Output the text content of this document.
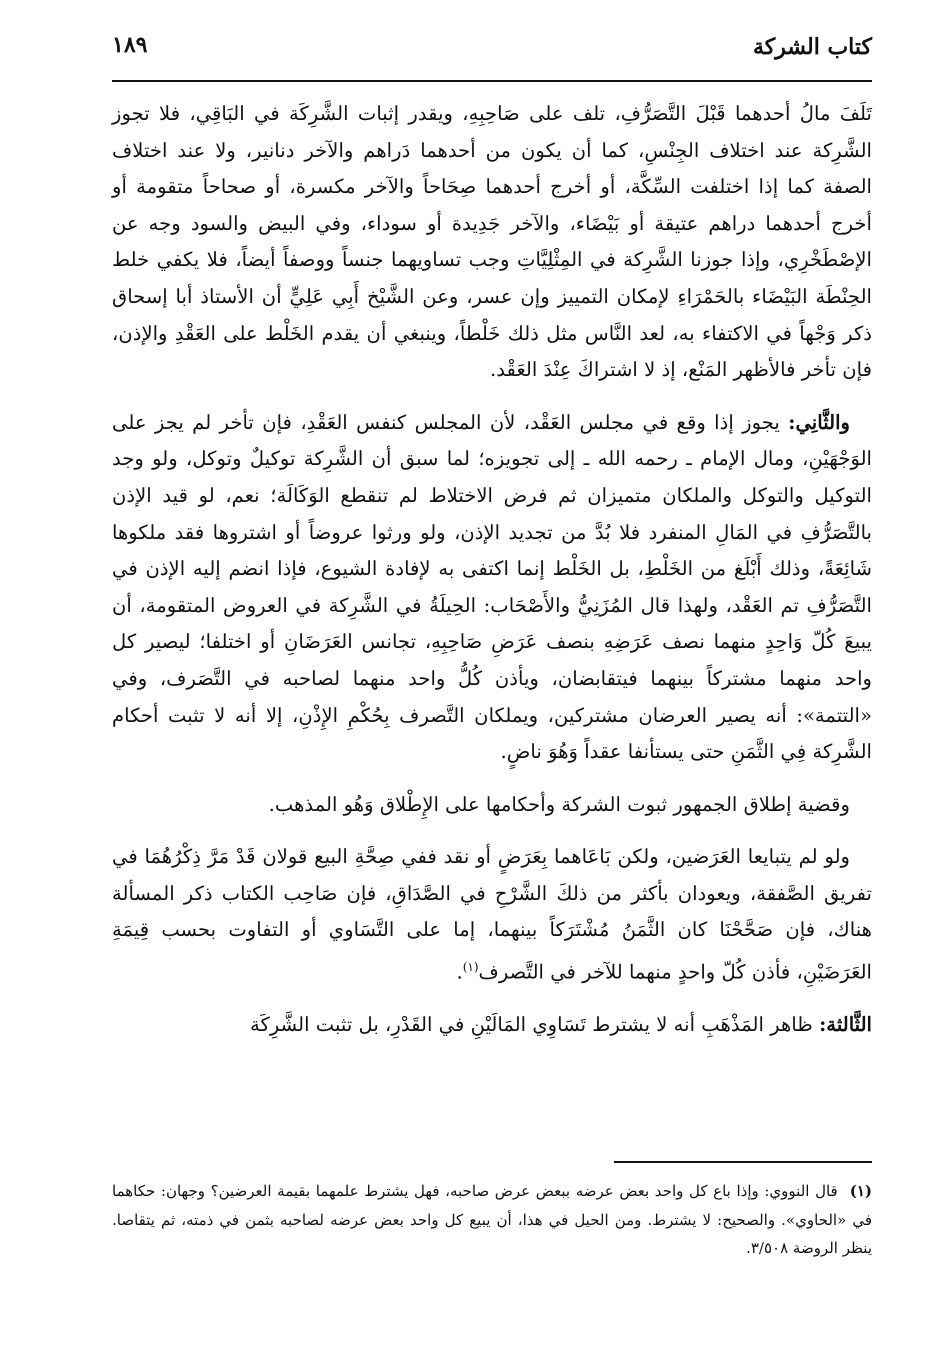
كتاب الشركة
١٨٩

تَلَفَ مالُ أحدهما قَبْلَ التَّصَرُّفِ، تلف على صَاحِبِهِ، ويقدر إثبات الشَّرِكَة في البَاقِي، فلا تجوز الشَّرِكة عند اختلاف الجِنْسِ، كما أن يكون من أحدهما دَراهم والآخر دنانير، ولا عند اختلاف الصفة كما إذا اختلفت السِّكَّة، أو أخرج أحدهما صِحَاحاً والآخر مكسرة، أو صحاحاً متقومة أو أخرج أحدهما دراهم عتيقة أو بَيْضَاء، والآخر جَدِيدة أو سوداء، وفي البيض والسود وجه عن الإصْطَخْرِي، وإذا جوزنا الشَّرِكة في المِثْلِيَّاتِ وجب تساويهما جنساً ووصفاً أيضاً، فلا يكفي خلط الحِنْطَة البَيْضَاء بالحَمْرَاءِ لإمكان التمييز وإن عسر، وعن الشَّيْخ أَبِي عَلِيٍّ أن الأستاذ أبا إسحاق ذكر وَجْهاً في الاكتفاء به، لعد النَّاس مثل ذلك خَلْطاً، وينبغي أن يقدم الخَلْط على العَقْدِ والإذن، فإن تأخر فالأظهر المَنْع، إذ لا اشتراكَ عِنْدَ العَقْد.

والثَّانِي: يجوز إذا وقع في مجلس العَقْد، لأن المجلس كنفس العَقْدِ، فإن تأخر لم يجز على الوَجْهَيْنِ، ومال الإمام ـ رحمه الله ـ إلى تجويزه؛ لما سبق أن الشَّرِكة توكيلٌ وتوكل، ولو وجد التوكيل والتوكل والملكان متميزان ثم فرض الاختلاط لم تنقطع الوَكَالَة؛ نعم، لو قيد الإذن بالتَّصَرُّفِ في المَالِ المنفرد فلا بُدَّ من تجديد الإذن، ولو ورثوا عروضاً أو اشتروها فقد ملكوها شَائِعَةً، وذلك أَبْلَغ من الخَلْطِ، بل الخَلْط إنما اكتفى به لإفادة الشيوع، فإذا انضم إليه الإذن في التَّصَرُّفِ تم العَقْد، ولهذا قال المُزَنِيُّ والأَصْحَاب: الحِيلَةُ في الشَّرِكة في العروض المتقومة، أن يبيعَ كُلّ وَاحِدٍ منهما نصف عَرَضِهِ بنصف عَرَضِ صَاحِبِهِ، تجانس العَرَضَانِ أو اختلفا؛ ليصير كل واحد منهما مشتركاً بينهما فيتقابضان، ويأذن كُلُّ واحد منهما لصاحبه في التَّصَرف، وفي «التتمة»: أنه يصير العرضان مشتركين، ويملكان التَّصرف بِحُكْمِ الإِذْنِ، إلا أنه لا تثبت أحكام الشَّرِكة فِي الثَّمَنِ حتى يستأنفا عقداً وَهُوَ ناضٍ.

وقضية إطلاق الجمهور ثبوت الشركة وأحكامها على الإِطْلاق وَهُو المذهب.

ولو لم يتبايعا العَرَضين، ولكن بَاعَاهما بِعَرَضٍ أو نقد ففي صِحَّةِ البيع قولان قَدْ مَرَّ ذِكْرُهُمَا في تفريق الصَّفقة، ويعودان بأكثر من ذلكَ الشَّرْحِ في الصَّدَاقِ، فإن صَاحِب الكتاب ذكر المسألة هناك، فإن صَحَّحْنَا كان الثَّمَنُ مُشْتَرَكاً بينهما، إما على التَّسَاوي أو التفاوت بحسب قِيمَةِ العَرَضَيْنِ، فأذن كُلّ واحدٍ منهما للآخر في التَّصرف$^{(١)}$.

الثَّالثة: ظاهر المَذْهَبِ أنه لا يشترط تَسَاوِي المَالَيْنِ في القَدْرِ، بل تثبت الشَّرِكَة

(١)قال النووي: وإذا باع كل واحد بعض عرضه ببعض عرض صاحبه، فهل يشترط علمهما بقيمة العرضين؟ وجهان: حكاهما في «الحاوي». والصحيح: لا يشترط. ومن الحيل في هذا، أن يبيع كل واحد بعض عرضه لصاحبه بثمن في ذمته، ثم يتقاصا. ينظر الروضة ٣/٥٠٨.
